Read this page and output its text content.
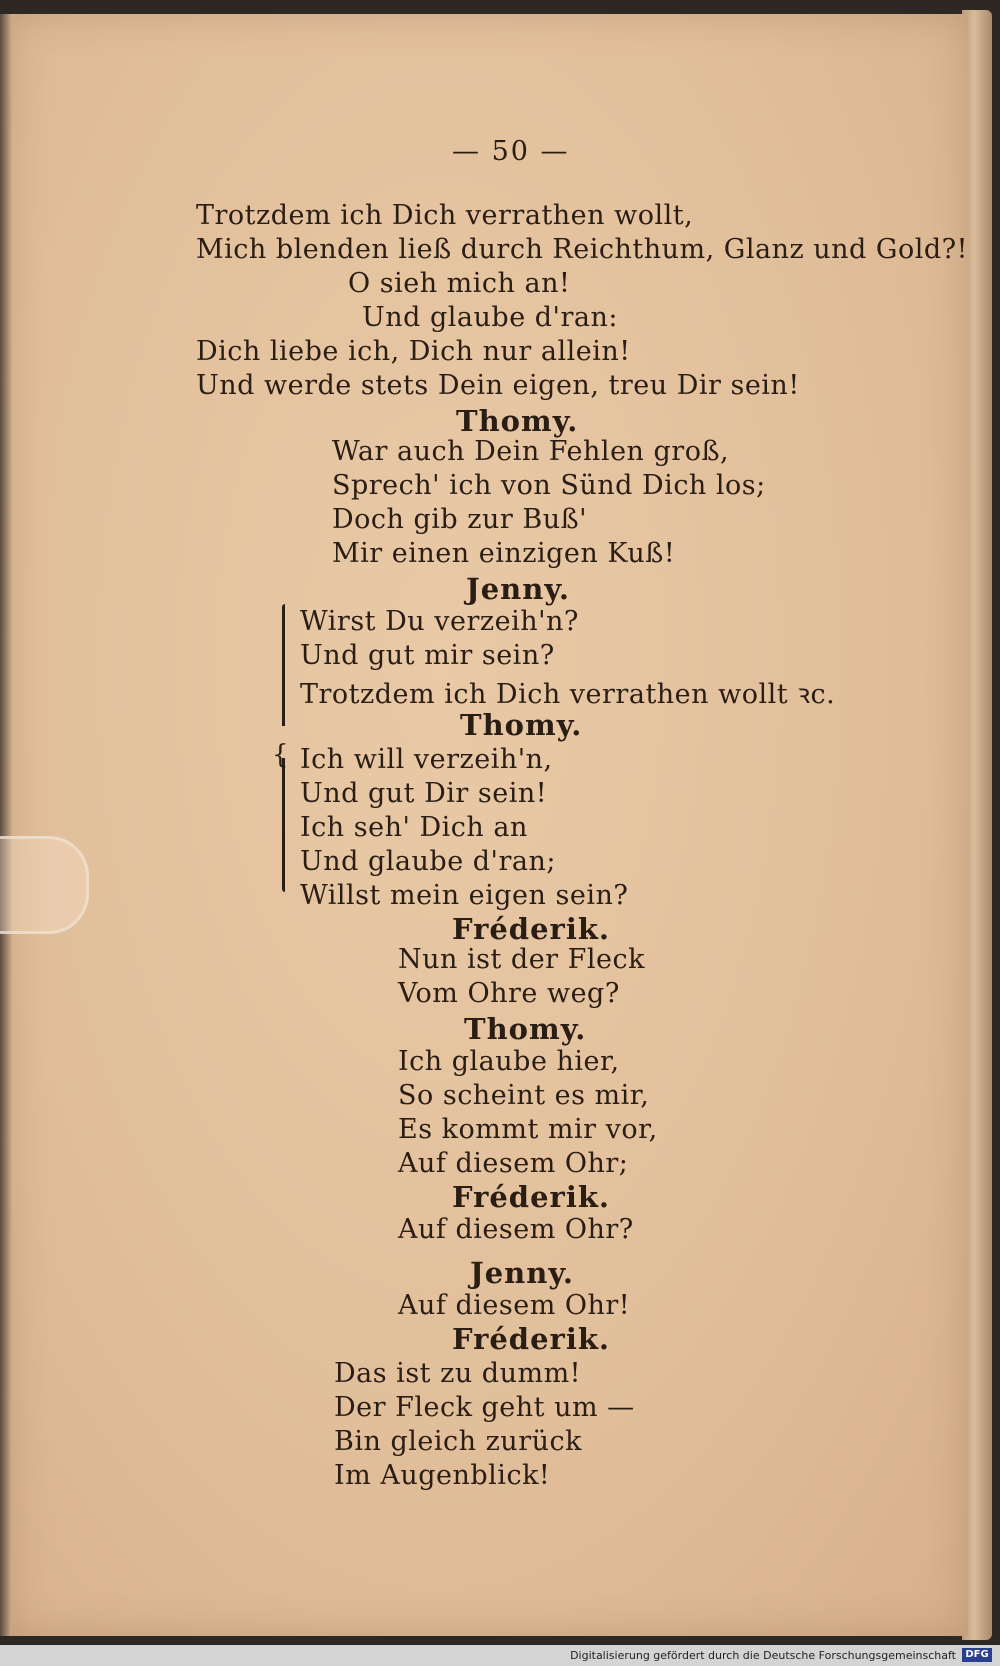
— 50 —
Trotzdem ich Dich verrathen wollt,
Mich blenden ließ durch Reichthum, Glanz und Gold?!
O sieh mich an!
Und glaube d'ran:
Dich liebe ich, Dich nur allein!
Und werde stets Dein eigen, treu Dir sein!
Thomy.
War auch Dein Fehlen groß,
Sprech' ich von Sünd Dich los;
Doch gib zur Buß'
Mir einen einzigen Kuß!
Jenny.
Wirst Du verzeih'n?
Und gut mir sein?
Trotzdem ich Dich verrathen wollt ꝛc.
Thomy.
Ich will verzeih'n,
Und gut Dir sein!
Ich seh' Dich an
Und glaube d'ran;
Willst mein eigen sein?
Fréderik.
Nun ist der Fleck
Vom Ohre weg?
Thomy.
Ich glaube hier,
So scheint es mir,
Es kommt mir vor,
Auf diesem Ohr;
Fréderik.
Auf diesem Ohr?
Jenny.
Auf diesem Ohr!
Fréderik.
Das ist zu dumm!
Der Fleck geht um —
Bin gleich zurück
Im Augenblick!
{
Digitalisierung gefördert durch die Deutsche Forschungsgemeinschaft DFG
